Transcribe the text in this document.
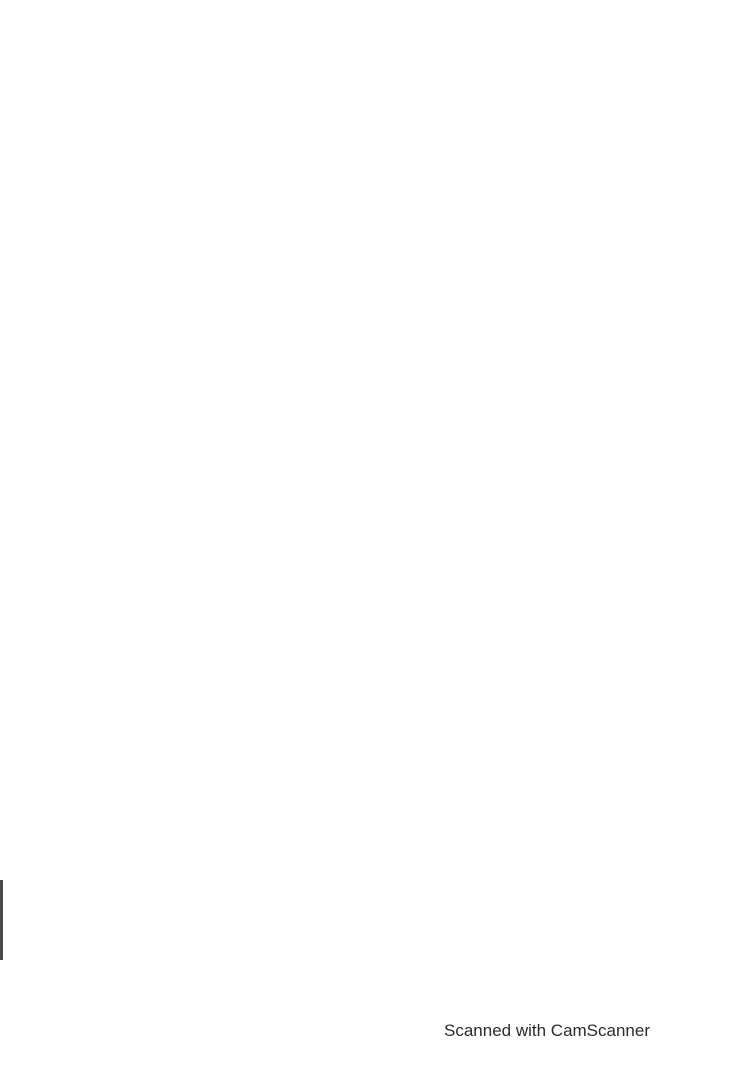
Scanned with CamScanner
